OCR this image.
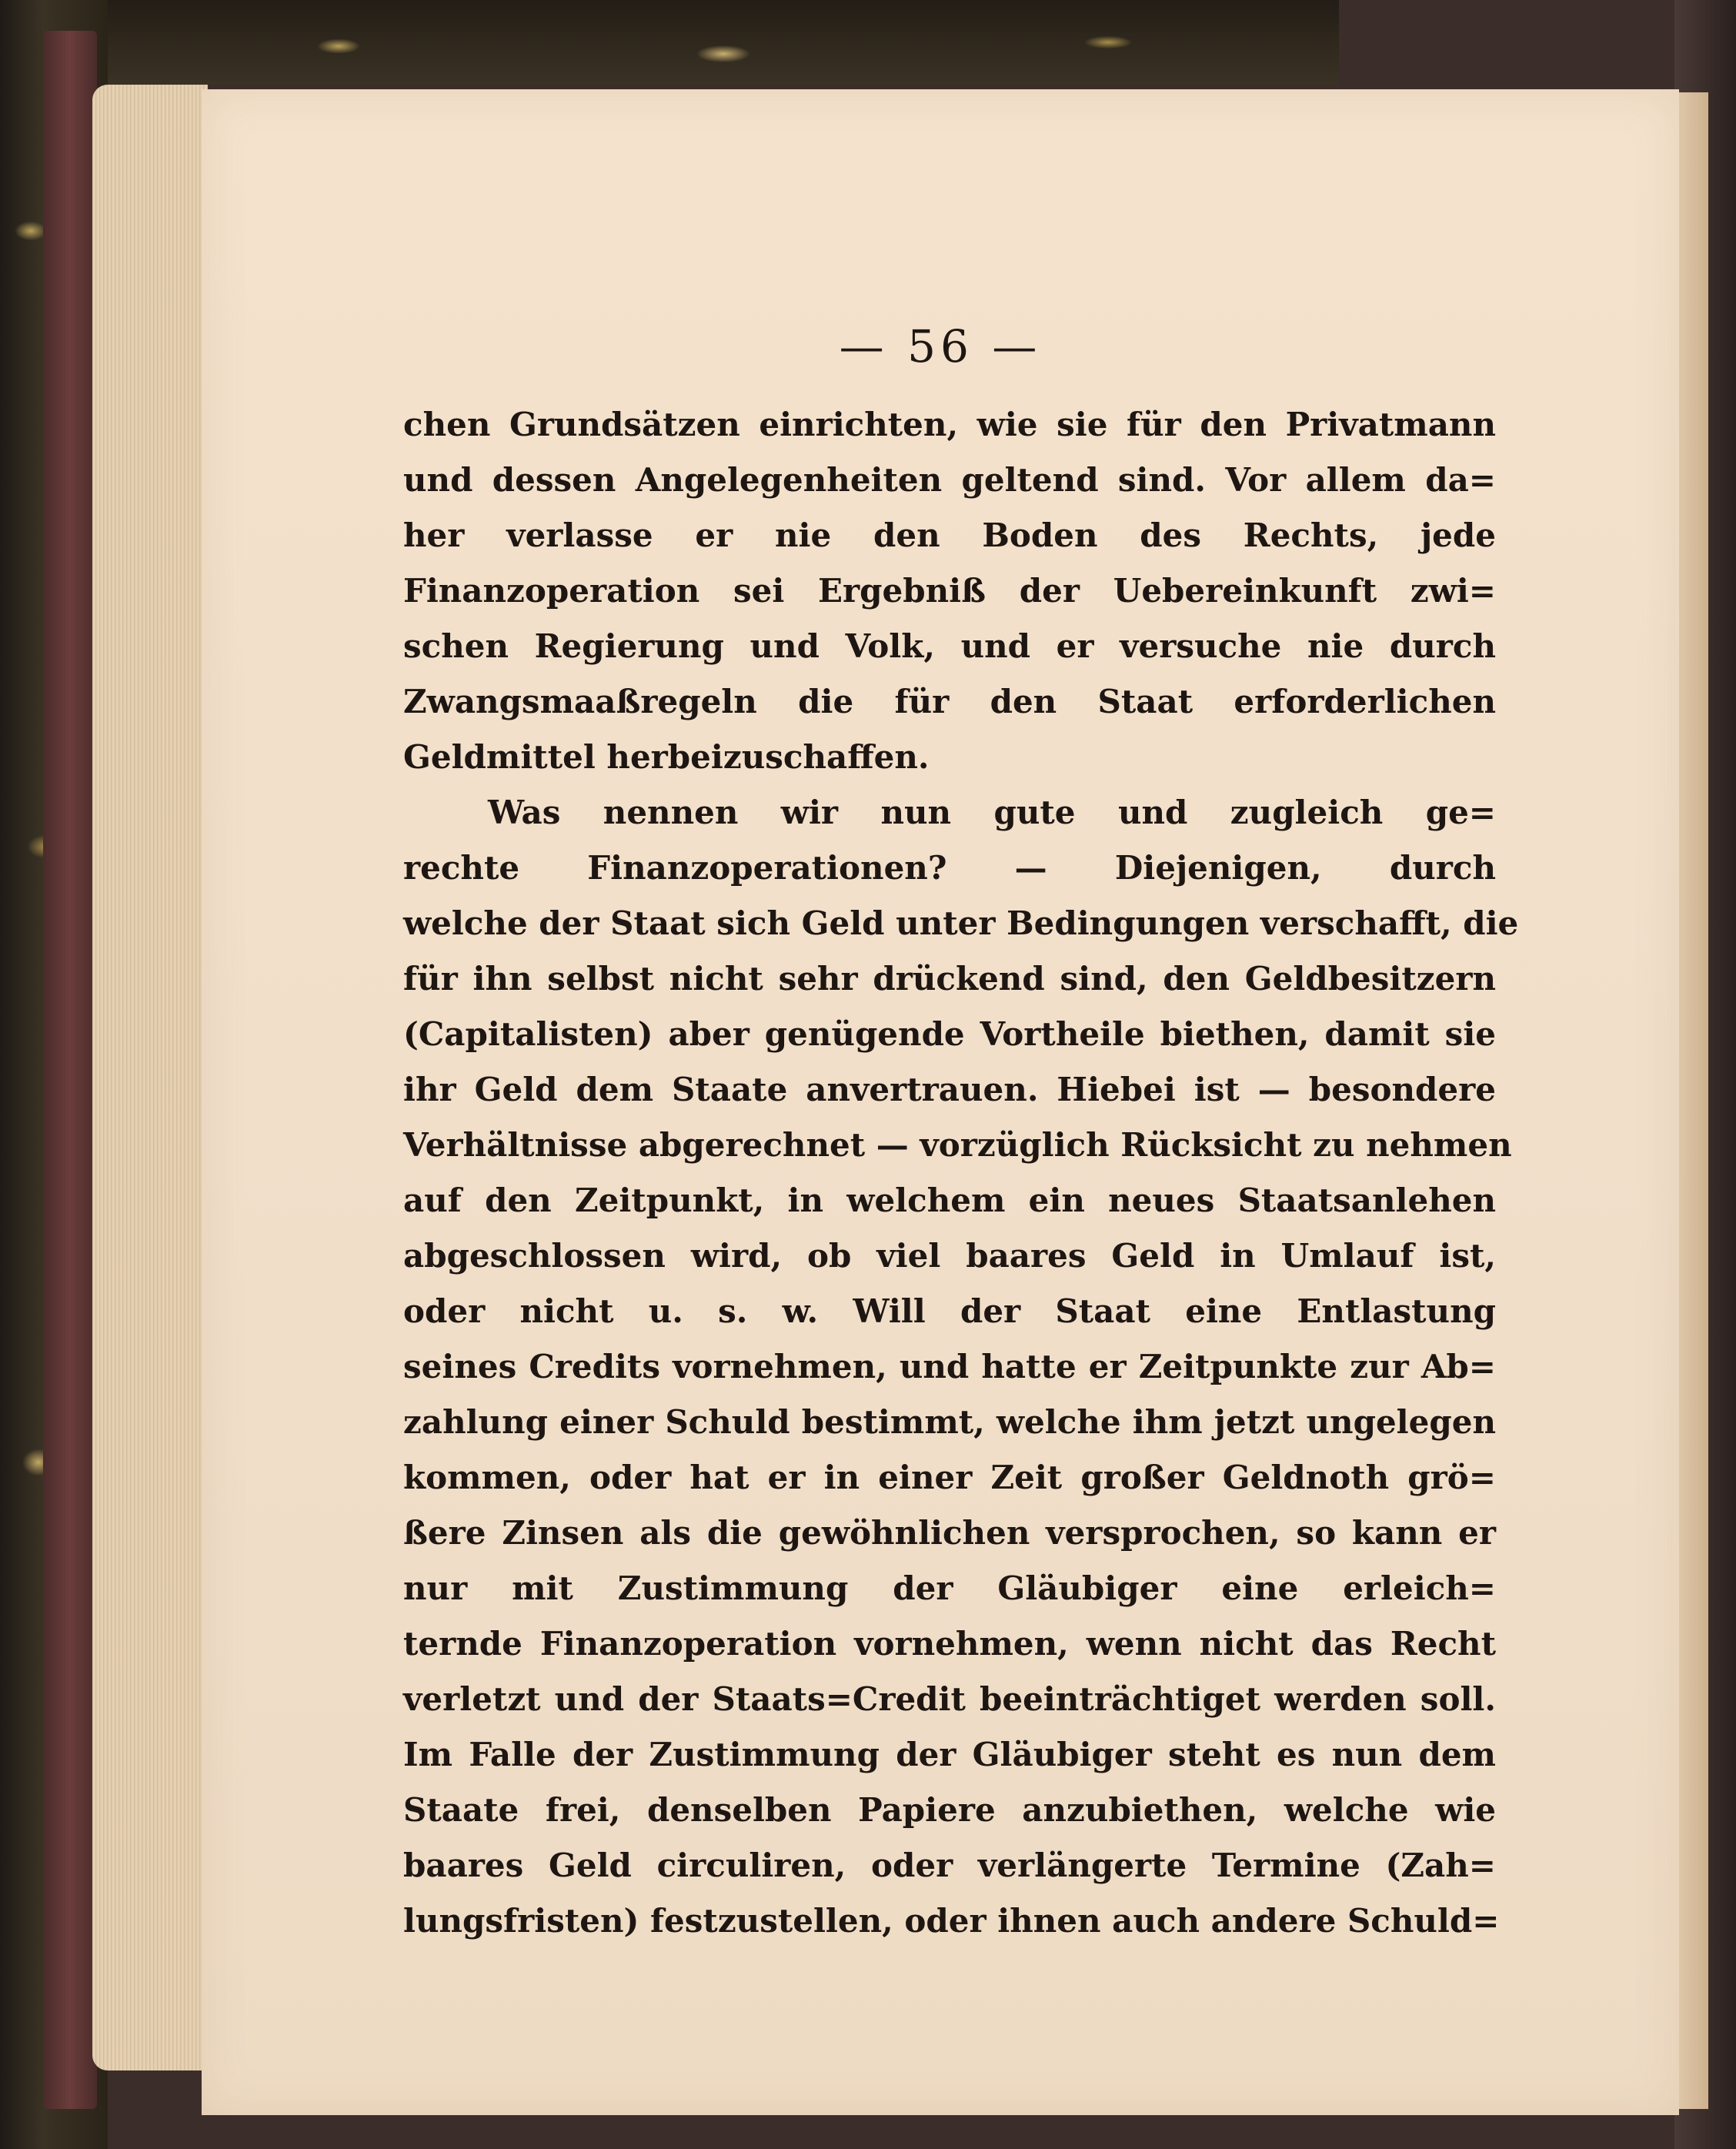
— 56 —
chen Grundsätzen einrichten, wie sie für den Privatmann
und dessen Angelegenheiten geltend sind. Vor allem da=
her verlasse er nie den Boden des Rechts, jede
Finanzoperation sei Ergebniß der Uebereinkunft zwi=
schen Regierung und Volk, und er versuche nie durch
Zwangsmaaßregeln die für den Staat erforderlichen
Geldmittel herbeizuschaffen.
Was nennen wir nun gute und zugleich ge=
rechte Finanzoperationen? — Diejenigen, durch
welche der Staat sich Geld unter Bedingungen verschafft, die
für ihn selbst nicht sehr drückend sind, den Geldbesitzern
(Capitalisten) aber genügende Vortheile biethen, damit sie
ihr Geld dem Staate anvertrauen. Hiebei ist — besondere
Verhältnisse abgerechnet — vorzüglich Rücksicht zu nehmen
auf den Zeitpunkt, in welchem ein neues Staatsanlehen
abgeschlossen wird, ob viel baares Geld in Umlauf ist,
oder nicht u. s. w. Will der Staat eine Entlastung
seines Credits vornehmen, und hatte er Zeitpunkte zur Ab=
zahlung einer Schuld bestimmt, welche ihm jetzt ungelegen
kommen, oder hat er in einer Zeit großer Geldnoth grö=
ßere Zinsen als die gewöhnlichen versprochen, so kann er
nur mit Zustimmung der Gläubiger eine erleich=
ternde Finanzoperation vornehmen, wenn nicht das Recht
verletzt und der Staats=Credit beeinträchtiget werden soll.
Im Falle der Zustimmung der Gläubiger steht es nun dem
Staate frei, denselben Papiere anzubiethen, welche wie
baares Geld circuliren, oder verlängerte Termine (Zah=
lungsfristen) festzustellen, oder ihnen auch andere Schuld=
